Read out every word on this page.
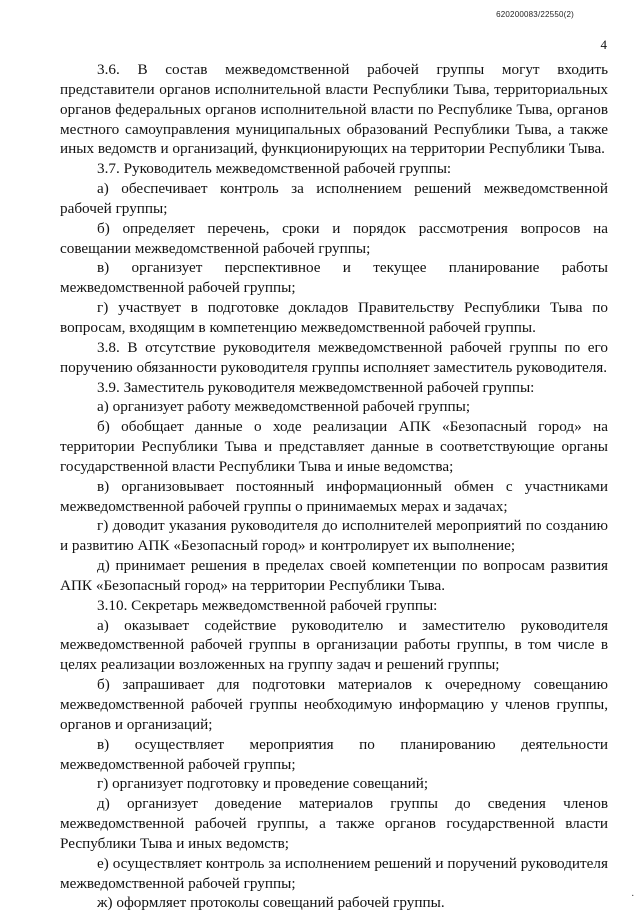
620200083/22550(2)
4

3.6. В состав межведомственной рабочей группы могут входить представители органов исполнительной власти Республики Тыва, территориальных органов федеральных органов исполнительной власти по Республике Тыва, органов местного самоуправления муниципальных образований Республики Тыва, а также иных ведомств и организаций, функционирующих на территории Республики Тыва.

3.7. Руководитель межведомственной рабочей группы:

а) обеспечивает контроль за исполнением решений межведомственной рабочей группы;

б) определяет перечень, сроки и порядок рассмотрения вопросов на совещании межведомственной рабочей группы;

в) организует перспективное и текущее планирование работы межведомственной рабочей группы;

г) участвует в подготовке докладов Правительству Республики Тыва по вопросам, входящим в компетенцию межведомственной рабочей группы.

3.8. В отсутствие руководителя межведомственной рабочей группы по его поручению обязанности руководителя группы исполняет заместитель руководителя.

3.9. Заместитель руководителя межведомственной рабочей группы:

а) организует работу межведомственной рабочей группы;

б) обобщает данные о ходе реализации АПК «Безопасный город» на территории Республики Тыва и представляет данные в соответствующие органы государственной власти Республики Тыва и иные ведомства;

в) организовывает постоянный информационный обмен с участниками межведомственной рабочей группы о принимаемых мерах и задачах;

г) доводит указания руководителя до исполнителей мероприятий по созданию и развитию АПК «Безопасный город» и контролирует их выполнение;

д) принимает решения в пределах своей компетенции по вопросам развития АПК «Безопасный город» на территории Республики Тыва.

3.10. Секретарь межведомственной рабочей группы:

а) оказывает содействие руководителю и заместителю руководителя межведомственной рабочей группы в организации работы группы, в том числе в целях реализации возложенных на группу задач и решений группы;

б) запрашивает для подготовки материалов к очередному совещанию межведомственной рабочей группы необходимую информацию у членов группы, органов и организаций;

в) осуществляет мероприятия по планированию деятельности межведомственной рабочей группы;

г) организует подготовку и проведение совещаний;

д) организует доведение материалов группы до сведения членов межведомственной рабочей группы, а также органов государственной власти Республики Тыва и иных ведомств;

е) осуществляет контроль за исполнением решений и поручений руководителя межведомственной рабочей группы;

ж) оформляет протоколы совещаний рабочей группы.

.
